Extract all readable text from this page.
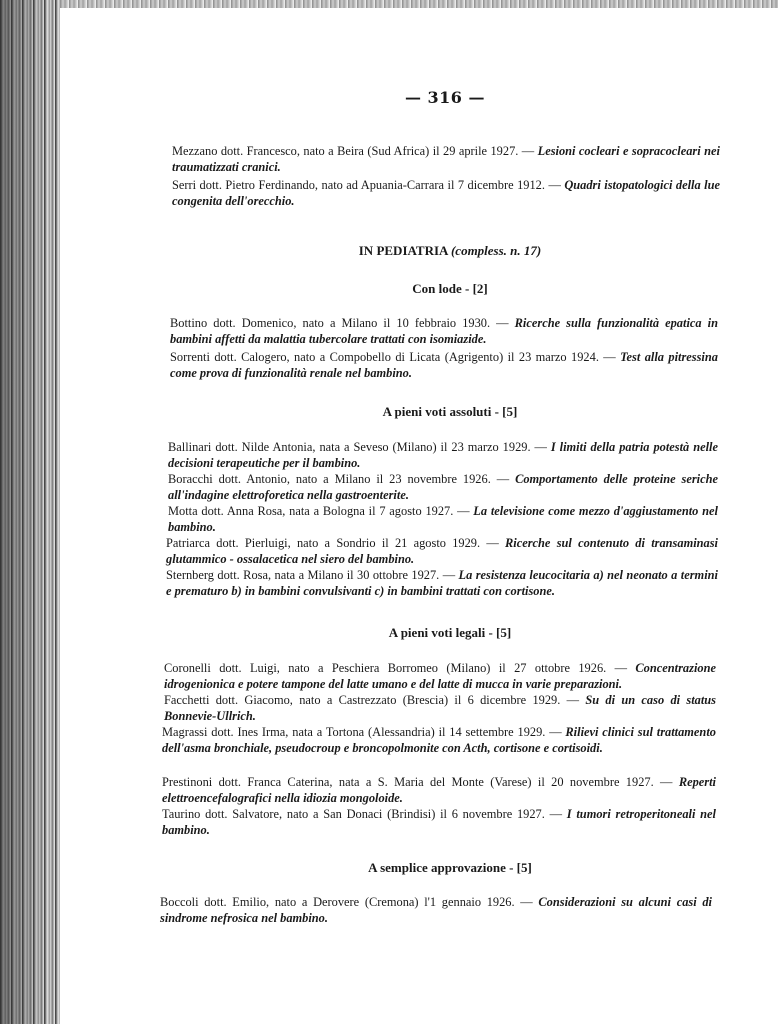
— 316 —
Mezzano dott. Francesco, nato a Beira (Sud Africa) il 29 aprile 1927. — Lesioni cocleari e sopracocleari nei traumatizzati cranici.
Serri dott. Pietro Ferdinando, nato ad Apuania-Carrara il 7 dicembre 1912. — Quadri istopatologici della lue congenita dell'orecchio.
IN PEDIATRIA (compless. n. 17)
Con lode - [2]
Bottino dott. Domenico, nato a Milano il 10 febbraio 1930. — Ricerche sulla funzionalità epatica in bambini affetti da malattia tubercolare trattati con isomiazide.
Sorrenti dott. Calogero, nato a Compobello di Licata (Agrigento) il 23 marzo 1924. — Test alla pitressina come prova di funzionalità renale nel bambino.
A pieni voti assoluti - [5]
Ballinari dott. Nilde Antonia, nata a Seveso (Milano) il 23 marzo 1929. — I limiti della patria potestà nelle decisioni terapeutiche per il bambino.
Boracchi dott. Antonio, nato a Milano il 23 novembre 1926. — Comportamento delle proteine seriche all'indagine elettroforetica nella gastroenterite.
Motta dott. Anna Rosa, nata a Bologna il 7 agosto 1927. — La televisione come mezzo d'aggiustamento nel bambino.
Patriarca dott. Pierluigi, nato a Sondrio il 21 agosto 1929. — Ricerche sul contenuto di transaminasi glutammico - ossalacetica nel siero del bambino.
Sternberg dott. Rosa, nata a Milano il 30 ottobre 1927. — La resistenza leucocitaria a) nel neonato a termini e prematuro b) in bambini convulsivanti c) in bambini trattati con cortisone.
A pieni voti legali - [5]
Coronelli dott. Luigi, nato a Peschiera Borromeo (Milano) il 27 ottobre 1926. — Concentrazione idrogenionica e potere tampone del latte umano e del latte di mucca in varie preparazioni.
Facchetti dott. Giacomo, nato a Castrezzato (Brescia) il 6 dicembre 1929. — Su di un caso di status Bonnevie-Ullrich.
Magrassi dott. Ines Irma, nata a Tortona (Alessandria) il 14 settembre 1929. — Rilievi clinici sul trattamento dell'asma bronchiale, pseudocroup e broncopolmonite con Acth, cortisone e cortisoidi.
Prestinoni dott. Franca Caterina, nata a S. Maria del Monte (Varese) il 20 novembre 1927. — Reperti elettroencefalografici nella idiozia mongoloide.
Taurino dott. Salvatore, nato a San Donaci (Brindisi) il 6 novembre 1927. — I tumori retroperitoneali nel bambino.
A semplice approvazione - [5]
Boccoli dott. Emilio, nato a Derovere (Cremona) l'1 gennaio 1926. — Considerazioni su alcuni casi di sindrome nefrosica nel bambino.
